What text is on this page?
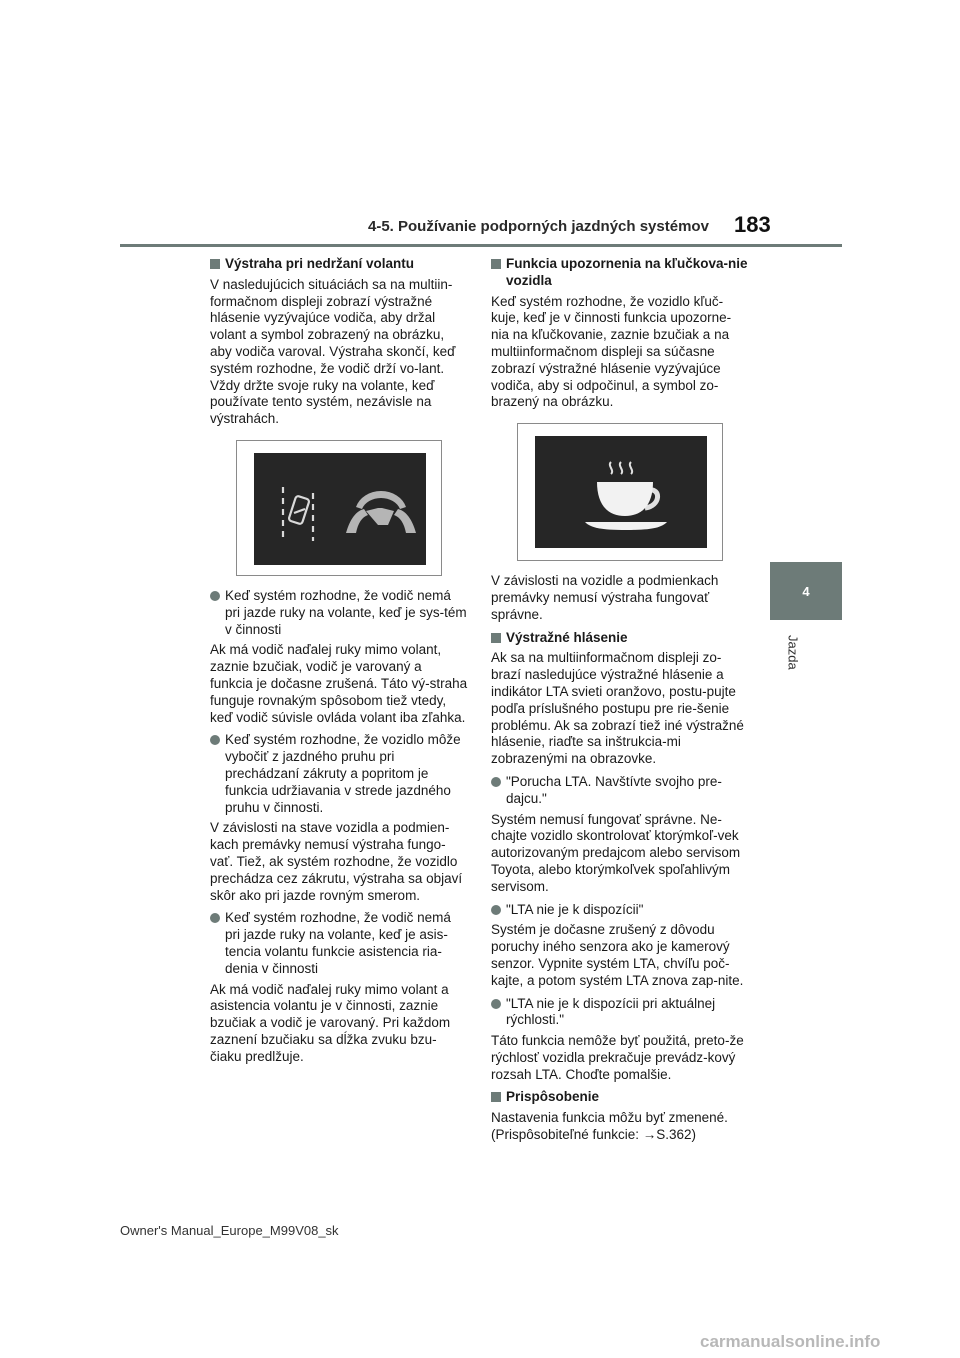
4-5. Používanie podporných jazdných systémov 183
4
Jazda
Výstraha pri nedržaní volantu

V nasledujúcich situáciách sa na multiin-formačnom displeji zobrazí výstražné hlásenie vyzývajúce vodiča, aby držal volant a symbol zobrazený na obrázku, aby vodiča varoval. Výstraha skončí, keď systém rozhodne, že vodič drží vo-lant. Vždy držte svoje ruky na volante, keď používate tento systém, nezávisle na výstrahách.

Keď systém rozhodne, že vodič nemá pri jazde ruky na volante, keď je sys-tém v činnosti

Ak má vodič naďalej ruky mimo volant, zaznie bzučiak, vodič je varovaný a funkcia je dočasne zrušená. Táto vý-straha funguje rovnakým spôsobom tiež vtedy, keď vodič súvisle ovláda volant iba zľahka.

Keď systém rozhodne, že vozidlo môže vybočiť z jazdného pruhu pri prechádzaní zákruty a popritom je funkcia udržiavania v strede jazdného pruhu v činnosti.

V závislosti na stave vozidla a podmien-kach premávky nemusí výstraha fungo-vať. Tiež, ak systém rozhodne, že vozidlo prechádza cez zákrutu, výstraha sa objaví skôr ako pri jazde rovným smerom.

Keď systém rozhodne, že vodič nemá pri jazde ruky na volante, keď je asis-tencia volantu funkcie asistencia ria-denia v činnosti

Ak má vodič naďalej ruky mimo volant a asistencia volantu je v činnosti, zaznie bzučiak a vodič je varovaný. Pri každom zaznení bzučiaku sa dĺžka zvuku bzu-čiaku predlžuje.

Funkcia upozornenia na kľučkova-nie vozidla

Keď systém rozhodne, že vozidlo kľuč-kuje, keď je v činnosti funkcia upozorne-nia na kľučkovanie, zaznie bzučiak a na multiinformačnom displeji sa súčasne zobrazí výstražné hlásenie vyzývajúce vodiča, aby si odpočinul, a symbol zo-brazený na obrázku.

V závislosti na vozidle a podmienkach premávky nemusí výstraha fungovať správne.

Výstražné hlásenie

Ak sa na multiinformačnom displeji zo-brazí nasledujúce výstražné hlásenie a indikátor LTA svieti oranžovo, postu-pujte podľa príslušného postupu pre rie-šenie problému. Ak sa zobrazí tiež iné výstražné hlásenie, riaďte sa inštrukcia-mi zobrazenými na obrazovke.

"Porucha LTA. Navštívte svojho pre-dajcu."

Systém nemusí fungovať správne. Ne-chajte vozidlo skontrolovať ktorýmkoľ-vek autorizovaným predajcom alebo servisom Toyota, alebo ktorýmkoľvek spoľahlivým servisom.

"LTA nie je k dispozícii"

Systém je dočasne zrušený z dôvodu poruchy iného senzora ako je kamerový senzor. Vypnite systém LTA, chvíľu poč-kajte, a potom systém LTA znova zap-nite.

"LTA nie je k dispozícii pri aktuálnej rýchlosti."

Táto funkcia nemôže byť použitá, preto-že rýchlosť vozidla prekračuje prevádz-kový rozsah LTA. Choďte pomalšie.

Prispôsobenie

Nastavenia funkcia môžu byť zmenené. (Prispôsobiteľné funkcie: →S.362)

Owner's Manual_Europe_M99V08_sk
carmanualsonline.info
